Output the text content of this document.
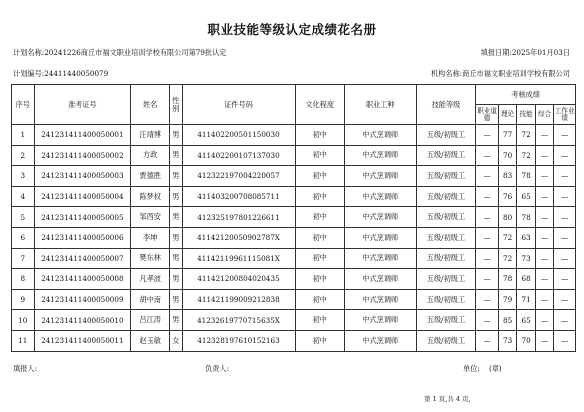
职业技能等级认定成绩花名册
计划名称:20241226商丘市福文职业培训学校有限公司第79批认定	填报日期:2025年01月03日
计划编号:24411440050079	机构名称:商丘市福文职业培训学校有限公司
序号	准考证号	姓名	性别	证件号码	文化程度	职业工种	技能等级	考核成绩				
								职业道德	理论	技能	综合	工作业绩
1	241231411400050001	汪靖博	男	411402200501150030	初中	中式烹调师	五级/初级工	—	77	72	—	—
2	241231411400050002	方政	男	411402200107137030	初中	中式烹调师	五级/初级工	—	70	72	—	—
3	241231411400050003	贾德胜	男	412322197004220057	初中	中式烹调师	五级/初级工	—	83	78	—	—
4	241231411400050004	陈梦权	男	411403200708085711	初中	中式烹调师	五级/初级工	—	76	65	—	—
5	241231411400050005	邹西安	男	412325197801226611	初中	中式烹调师	五级/初级工	—	80	78	—	—
6	241231411400050006	李坤	男	41142120050902787X	初中	中式烹调师	五级/初级工	—	72	63	—	—
7	241231411400050007	樊东林	男	41142119961115081X	初中	中式烹调师	五级/初级工	—	72	73	—	—
8	241231411400050008	凡孝波	男	411421200804020435	初中	中式烹调师	五级/初级工	—	78	68	—	—
9	241231411400050009	胡中南	男	411421199009212838	初中	中式烹调师	五级/初级工	—	79	71	—	—
10	241231411400050010	吕江涛	男	41232619770715635X	初中	中式烹调师	五级/初级工	—	85	65	—	—
11	241231411400050011	赵玉敏	女	412328197610152163	初中	中式烹调师	五级/初级工	—	73	70	—	—
填报人:	负责人:	单位: (章)
第 1 页,共 4 页,
